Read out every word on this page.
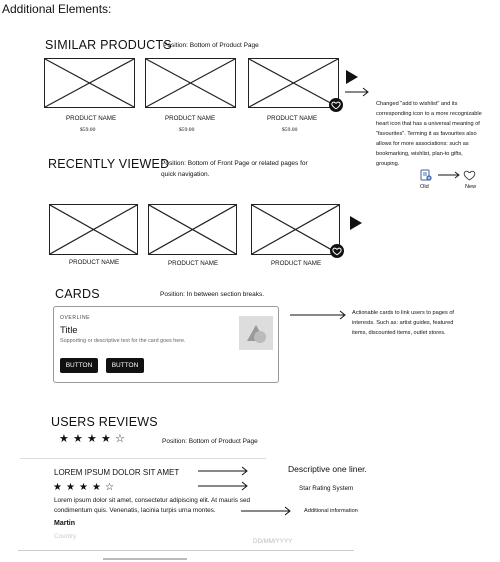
Additional Elements:
SIMILAR PRODUCTS
Position: Bottom of Product Page
PRODUCT NAME
$59.00
PRODUCT NAME
$59.00
PRODUCT NAME
$59.00
Changed "add to wishlist" and its
corresponding icon to a more recognizable
heart icon that has a universal meaning of
"favourites". Terming it as favourites also
allows for more associations: such as
bookmarking, wishlist, plan-to gifts,
grouping.
Old	New
RECENTLY VIEWED
Position: Bottom of Front Page or related pages for
quick navigation.
PRODUCT NAME	PRODUCT NAME	PRODUCT NAME
CARDS	Position: In between section breaks.
OVERLINE
Title
Supporting or descriptive text for the card goes here.
BUTTON	BUTTON
Actionable cards to link users to pages of
interests. Such as: artist guides, featured
items, discounted items, outlet stores.
USERS REVIEWS
★ ★ ★ ★ ☆	Position: Bottom of Product Page
LOREM IPSUM DOLOR SIT AMET
★ ★ ★ ★ ☆
Lorem ipsum dolor sit amet, consectetur adipiscing elit. At mauris sed
condimentum quis. Venenatis, lacinia turpis urna montes.
Martin
Country
DD/MM/YYYY
Descriptive one liner.
Star Rating System
Additional information
